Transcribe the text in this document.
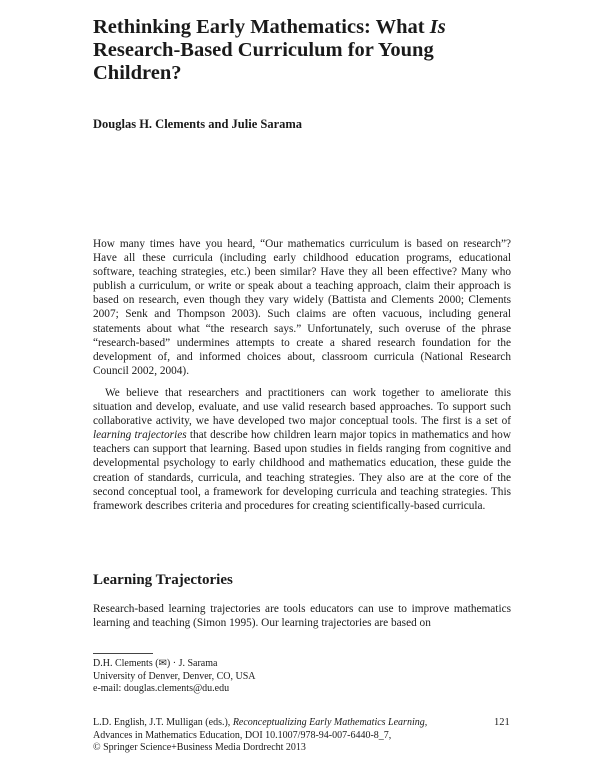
Rethinking Early Mathematics: What Is Research-Based Curriculum for Young Children?
Douglas H. Clements and Julie Sarama

How many times have you heard, “Our mathematics curriculum is based on research”? Have all these curricula (including early childhood education programs, educational software, teaching strategies, etc.) been similar? Have they all been effective? Many who publish a curriculum, or write or speak about a teaching approach, claim their approach is based on research, even though they vary widely (Battista and Clements 2000; Clements 2007; Senk and Thompson 2003). Such claims are often vacuous, including general statements about what “the research says.” Unfortunately, such overuse of the phrase “research-based” undermines attempts to create a shared research foundation for the development of, and informed choices about, classroom curricula (National Research Council 2002, 2004).

We believe that researchers and practitioners can work together to ameliorate this situation and develop, evaluate, and use valid research based approaches. To support such collaborative activity, we have developed two major conceptual tools. The first is a set of learning trajectories that describe how children learn major topics in mathematics and how teachers can support that learning. Based upon studies in fields ranging from cognitive and developmental psychology to early childhood and mathematics education, these guide the creation of standards, curricula, and teaching strategies. They also are at the core of the second conceptual tool, a framework for developing curricula and teaching strategies. This framework describes criteria and procedures for creating scientifically-based curricula.

Learning Trajectories

Research-based learning trajectories are tools educators can use to improve mathematics learning and teaching (Simon 1995). Our learning trajectories are based on

D.H. Clements (✉) · J. Sarama
University of Denver, Denver, CO, USA
e-mail: douglas.clements@du.edu
L.D. English, J.T. Mulligan (eds.), Reconceptualizing Early Mathematics Learning,
Advances in Mathematics Education, DOI 10.1007/978-94-007-6440-8_7,
© Springer Science+Business Media Dordrecht 2013
121
